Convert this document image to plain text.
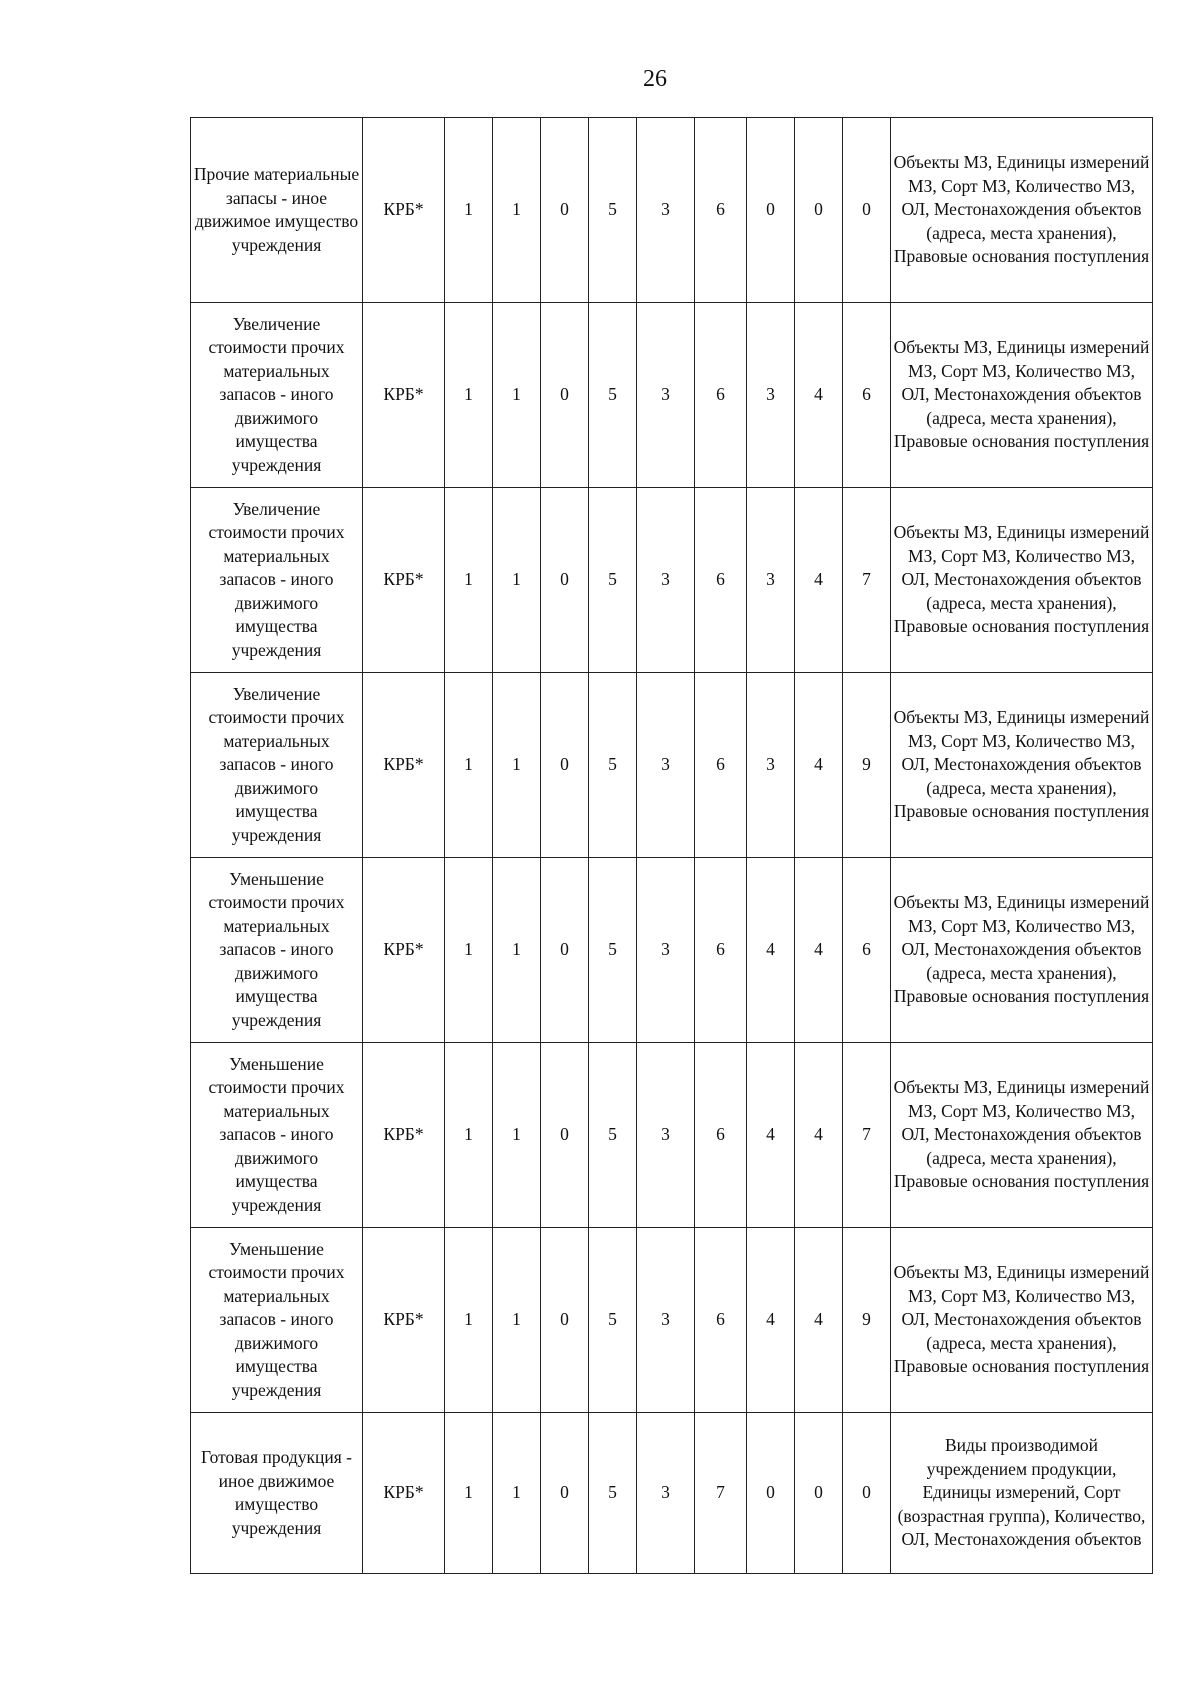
26
Прочие материальные запасы - иное движимое имущество учреждения	КРБ*	1	1	0	5	3	6	0	0	0	Объекты МЗ, Единицы измерений МЗ, Сорт МЗ, Количество МЗ, ОЛ, Местонахождения объектов (адреса, места хранения), Правовые основания поступления
Увеличение стоимости прочих материальных запасов - иного движимого имущества учреждения	КРБ*	1	1	0	5	3	6	3	4	6	Объекты МЗ, Единицы измерений МЗ, Сорт МЗ, Количество МЗ, ОЛ, Местонахождения объектов (адреса, места хранения), Правовые основания поступления
Увеличение стоимости прочих материальных запасов - иного движимого имущества учреждения	КРБ*	1	1	0	5	3	6	3	4	7	Объекты МЗ, Единицы измерений МЗ, Сорт МЗ, Количество МЗ, ОЛ, Местонахождения объектов (адреса, места хранения), Правовые основания поступления
Увеличение стоимости прочих материальных запасов - иного движимого имущества учреждения	КРБ*	1	1	0	5	3	6	3	4	9	Объекты МЗ, Единицы измерений МЗ, Сорт МЗ, Количество МЗ, ОЛ, Местонахождения объектов (адреса, места хранения), Правовые основания поступления
Уменьшение стоимости прочих материальных запасов - иного движимого имущества учреждения	КРБ*	1	1	0	5	3	6	4	4	6	Объекты МЗ, Единицы измерений МЗ, Сорт МЗ, Количество МЗ, ОЛ, Местонахождения объектов (адреса, места хранения), Правовые основания поступления
Уменьшение стоимости прочих материальных запасов - иного движимого имущества учреждения	КРБ*	1	1	0	5	3	6	4	4	7	Объекты МЗ, Единицы измерений МЗ, Сорт МЗ, Количество МЗ, ОЛ, Местонахождения объектов (адреса, места хранения), Правовые основания поступления
Уменьшение стоимости прочих материальных запасов - иного движимого имущества учреждения	КРБ*	1	1	0	5	3	6	4	4	9	Объекты МЗ, Единицы измерений МЗ, Сорт МЗ, Количество МЗ, ОЛ, Местонахождения объектов (адреса, места хранения), Правовые основания поступления
Готовая продукция - иное движимое имущество учреждения	КРБ*	1	1	0	5	3	7	0	0	0	Виды производимой учреждением продукции, Единицы измерений, Сорт (возрастная группа), Количество, ОЛ, Местонахождения объектов
